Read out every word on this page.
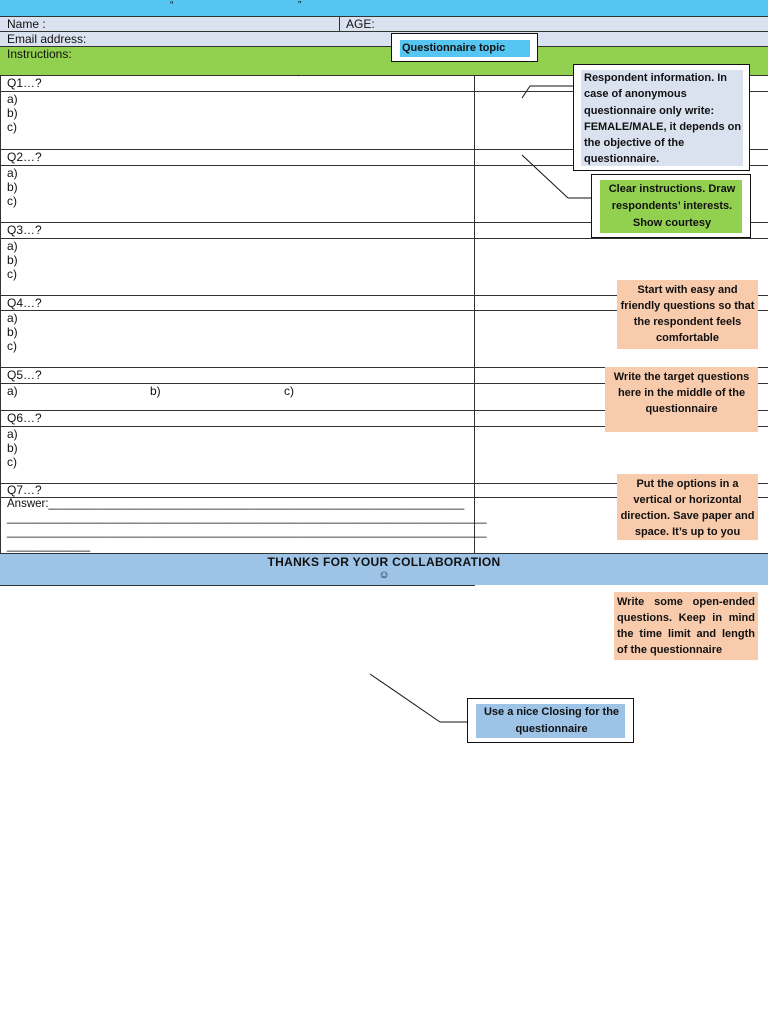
“	”
Name :	AGE:
Email address:
Instructions:
Q1…?
a)
b)
c)
Q2…?
a)
b)
c)
Q3…?
a)
b)
c)
Q4…?
a)
b)
c)
Q5…?
a)	b)	c)
Q6…?
a)
b)
c)
Q7…?
Answer:_________________________________________________________________
___________________________________________________________________________
___________________________________________________________________________
_____________
THANKS FOR YOUR COLLABORATION
☺
Questionnaire topic
Respondent information. In case of anonymous questionnaire only write: FEMALE/MALE, it depends on the objective of the questionnaire.
Clear instructions. Draw respondents’ interests. Show courtesy
Start with easy and friendly questions so that the respondent feels comfortable
Write the target questions here in the middle of the questionnaire
Put the options in a vertical or horizontal direction. Save paper and space. It’s up to you
Write some open-ended questions. Keep in mind the time limit and length of the questionnaire
Use a nice Closing for the questionnaire
